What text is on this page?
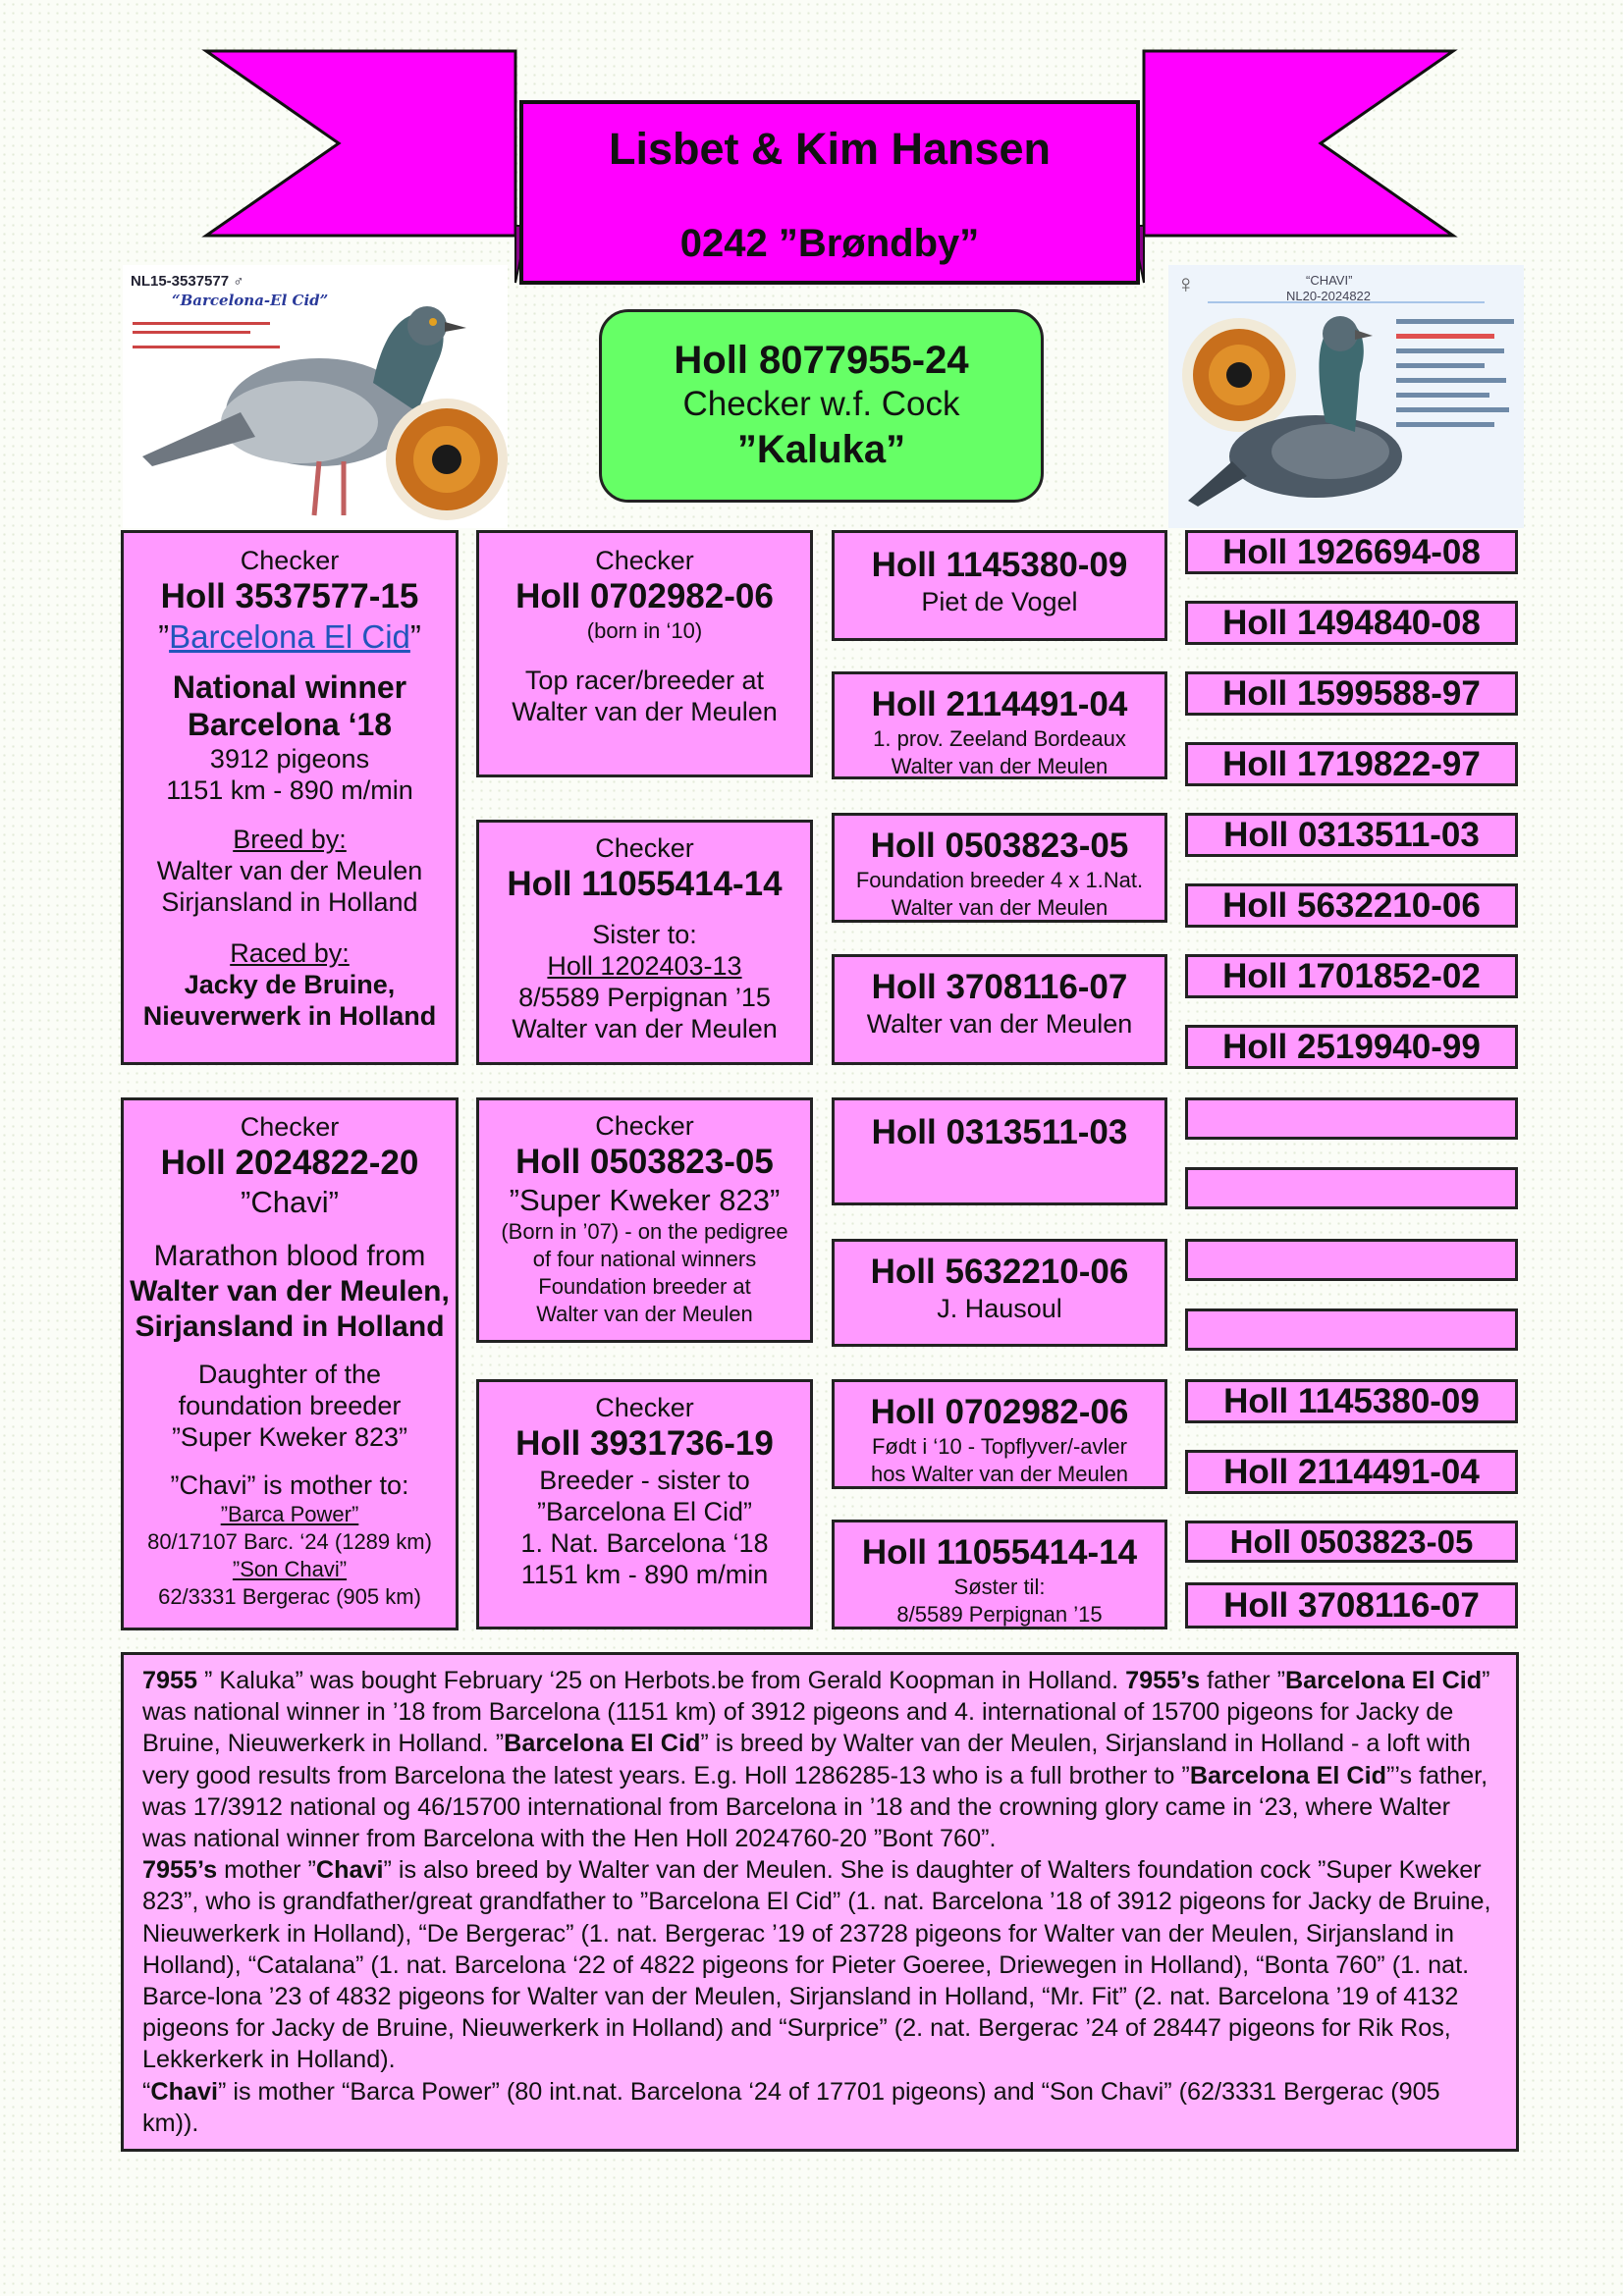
Lisbet & Kim Hansen
0242 ”Brøndby”
NL15-3537577 ♂
“Barcelona-El Cid”
♀	“CHAVI”
NL20-2024822
Holl 8077955-24
Checker w.f. Cock
”Kaluka”
Checker
Holl 3537577-15
”Barcelona El Cid”
National winner
Barcelona ‘18
3912 pigeons
1151 km - 890 m/min
Breed by:
Walter van der Meulen
Sirjansland in Holland
Raced by:
Jacky de Bruine,
Nieuverwerk in Holland
Checker
Holl 2024822-20
”Chavi”
Marathon blood from
Walter van der Meulen,
Sirjansland in Holland
Daughter of the
foundation breeder
”Super Kweker 823”
”Chavi” is mother to:
”Barca Power”
80/17107 Barc. ‘24 (1289 km)
”Son Chavi”
62/3331 Bergerac (905 km)
Checker
Holl 0702982-06
(born in ‘10)
Top racer/breeder at
Walter van der Meulen
Checker
Holl 11055414-14
Sister to:
Holl 1202403-13
8/5589 Perpignan ’15
Walter van der Meulen
Checker
Holl 0503823-05
”Super Kweker 823”
(Born in ’07) - on the pedigree
of four national winners
Foundation breeder at
Walter van der Meulen
Checker
Holl 3931736-19
Breeder - sister to
”Barcelona El Cid”
1. Nat. Barcelona ‘18
1151 km - 890 m/min
Holl 1145380-09
Piet de Vogel
Holl 2114491-04
1. prov. Zeeland Bordeaux
Walter van der Meulen
Holl 0503823-05
Foundation breeder 4 x 1.Nat.
Walter van der Meulen
Holl 3708116-07
Walter van der Meulen
Holl 0313511-03
Holl 5632210-06
J. Hausoul
Holl 0702982-06
Født i ‘10 - Topflyver/-avler
hos Walter van der Meulen
Holl 11055414-14
Søster til:
8/5589 Perpignan ’15
Holl 1926694-08
Holl 1494840-08
Holl 1599588-97
Holl 1719822-97
Holl 0313511-03
Holl 5632210-06
Holl 1701852-02
Holl 2519940-99
Holl 1145380-09
Holl 2114491-04
Holl 0503823-05
Holl 3708116-07
7955 ” Kaluka” was bought February ‘25 on Herbots.be from Gerald Koopman in Holland. 7955’s father ”Barcelona El Cid” was national winner in ’18 from Barcelona (1151 km) of 3912 pigeons and 4. international of 15700 pigeons for Jacky de Bruine, Nieuwerkerk in Holland. ”Barcelona El Cid” is breed by Walter van der Meulen, Sirjansland in Holland - a loft with very good results from Barcelona the latest years. E.g. Holl 1286285-13 who is a full brother to ”Barcelona El Cid”’s father, was 17/3912 national og 46/15700 international from Barcelona in ’18 and the crowning glory came in ‘23, where Walter was national winner from Barcelona with the Hen Holl 2024760-20 ”Bont 760”.
7955’s mother ”Chavi” is also breed by Walter van der Meulen. She is daughter of Walters foundation cock ”Super Kweker 823”, who is grandfather/great grandfather to ”Barcelona El Cid” (1. nat. Barcelona ’18 of 3912 pigeons for Jacky de Bruine, Nieuwerkerk in Holland), “De Bergerac” (1. nat. Bergerac ’19 of 23728 pigeons for Walter van der Meulen, Sirjansland in Holland), “Catalana” (1. nat. Barcelona ‘22 of 4822 pigeons for Pieter Goeree, Driewegen in Holland), “Bonta 760” (1. nat. Barce-lona ’23 of 4832 pigeons for Walter van der Meulen, Sirjansland in Holland, “Mr. Fit” (2. nat. Barcelona ’19 of 4132 pigeons for Jacky de Bruine, Nieuwerkerk in Holland) and “Surprice” (2. nat. Bergerac ’24 of 28447 pigeons for Rik Ros, Lekkerkerk in Holland).
“Chavi” is mother “Barca Power” (80 int.nat. Barcelona ‘24 of 17701 pigeons) and “Son Chavi” (62/3331 Bergerac (905 km)).
